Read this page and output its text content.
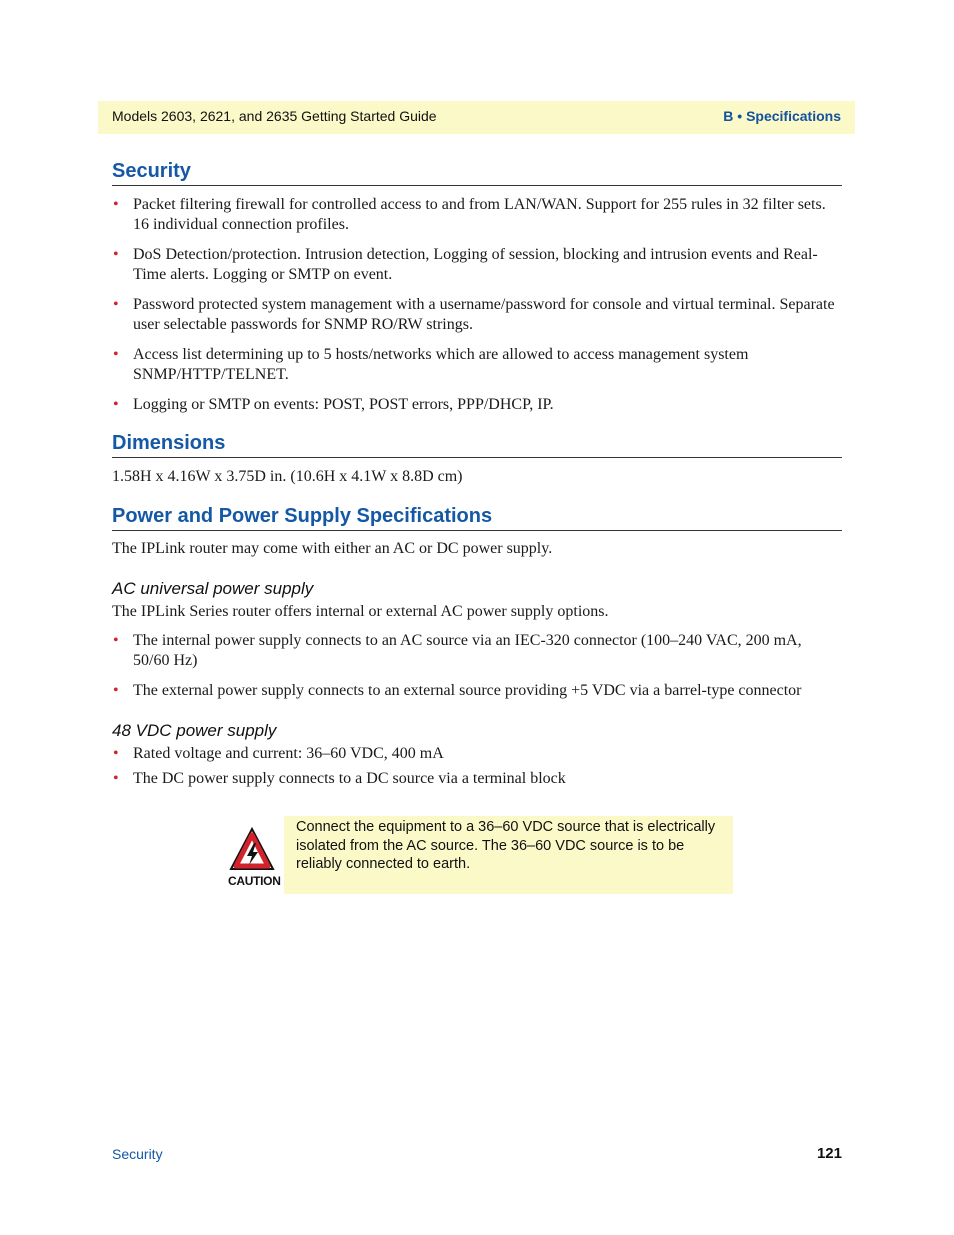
Models 2603, 2621, and 2635 Getting Started Guide	B • Specifications
Security
• Packet filtering firewall for controlled access to and from LAN/WAN. Support for 255 rules in 32 filter sets. 16 individual connection profiles.
• DoS Detection/protection. Intrusion detection, Logging of session, blocking and intrusion events and Real-Time alerts. Logging or SMTP on event.
• Password protected system management with a username/password for console and virtual terminal. Separate user selectable passwords for SNMP RO/RW strings.
• Access list determining up to 5 hosts/networks which are allowed to access management system SNMP/HTTP/TELNET.
• Logging or SMTP on events: POST, POST errors, PPP/DHCP, IP.
Dimensions
1.58H x 4.16W x 3.75D in. (10.6H x 4.1W x 8.8D cm)
Power and Power Supply Specifications
The IPLink router may come with either an AC or DC power supply.
AC universal power supply
The IPLink Series router offers internal or external AC power supply options.
• The internal power supply connects to an AC source via an IEC-320 connector (100–240 VAC, 200 mA, 50/60 Hz)
• The external power supply connects to an external source providing +5 VDC via a barrel-type connector
48 VDC power supply
• Rated voltage and current: 36–60 VDC, 400 mA
• The DC power supply connects to a DC source via a terminal block
CAUTION
Connect the equipment to a 36–60 VDC source that is electrically isolated from the AC source. The 36–60 VDC source is to be reliably connected to earth.
Security	121
